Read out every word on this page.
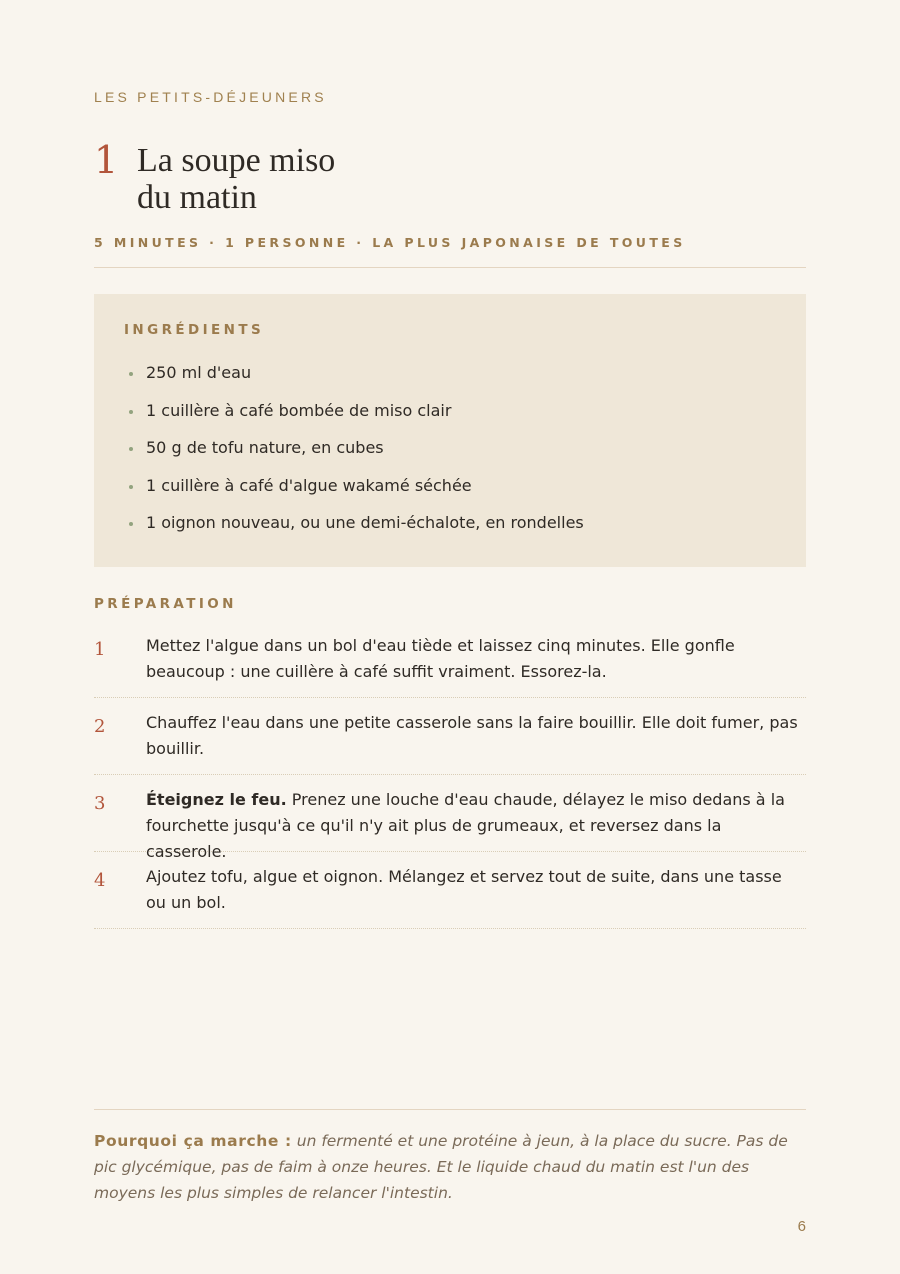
LES PETITS-DÉJEUNERS
1 La soupe miso
du matin
5 MINUTES · 1 PERSONNE · LA PLUS JAPONAISE DE TOUTES
INGRÉDIENTS
250 ml d'eau
1 cuillère à café bombée de miso clair
50 g de tofu nature, en cubes
1 cuillère à café d'algue wakamé séchée
1 oignon nouveau, ou une demi-échalote, en rondelles
PRÉPARATION
1	Mettez l'algue dans un bol d'eau tiède et laissez cinq minutes. Elle gonfle beaucoup : une cuillère à café suffit vraiment. Essorez-la.
2	Chauffez l'eau dans une petite casserole sans la faire bouillir. Elle doit fumer, pas bouillir.
3	Éteignez le feu. Prenez une louche d'eau chaude, délayez le miso dedans à la fourchette jusqu'à ce qu'il n'y ait plus de grumeaux, et reversez dans la casserole.
4	Ajoutez tofu, algue et oignon. Mélangez et servez tout de suite, dans une tasse ou un bol.
Pourquoi ça marche : un fermenté et une protéine à jeun, à la place du sucre. Pas de pic glycémique, pas de faim à onze heures. Et le liquide chaud du matin est l'un des moyens les plus simples de relancer l'intestin.
6
